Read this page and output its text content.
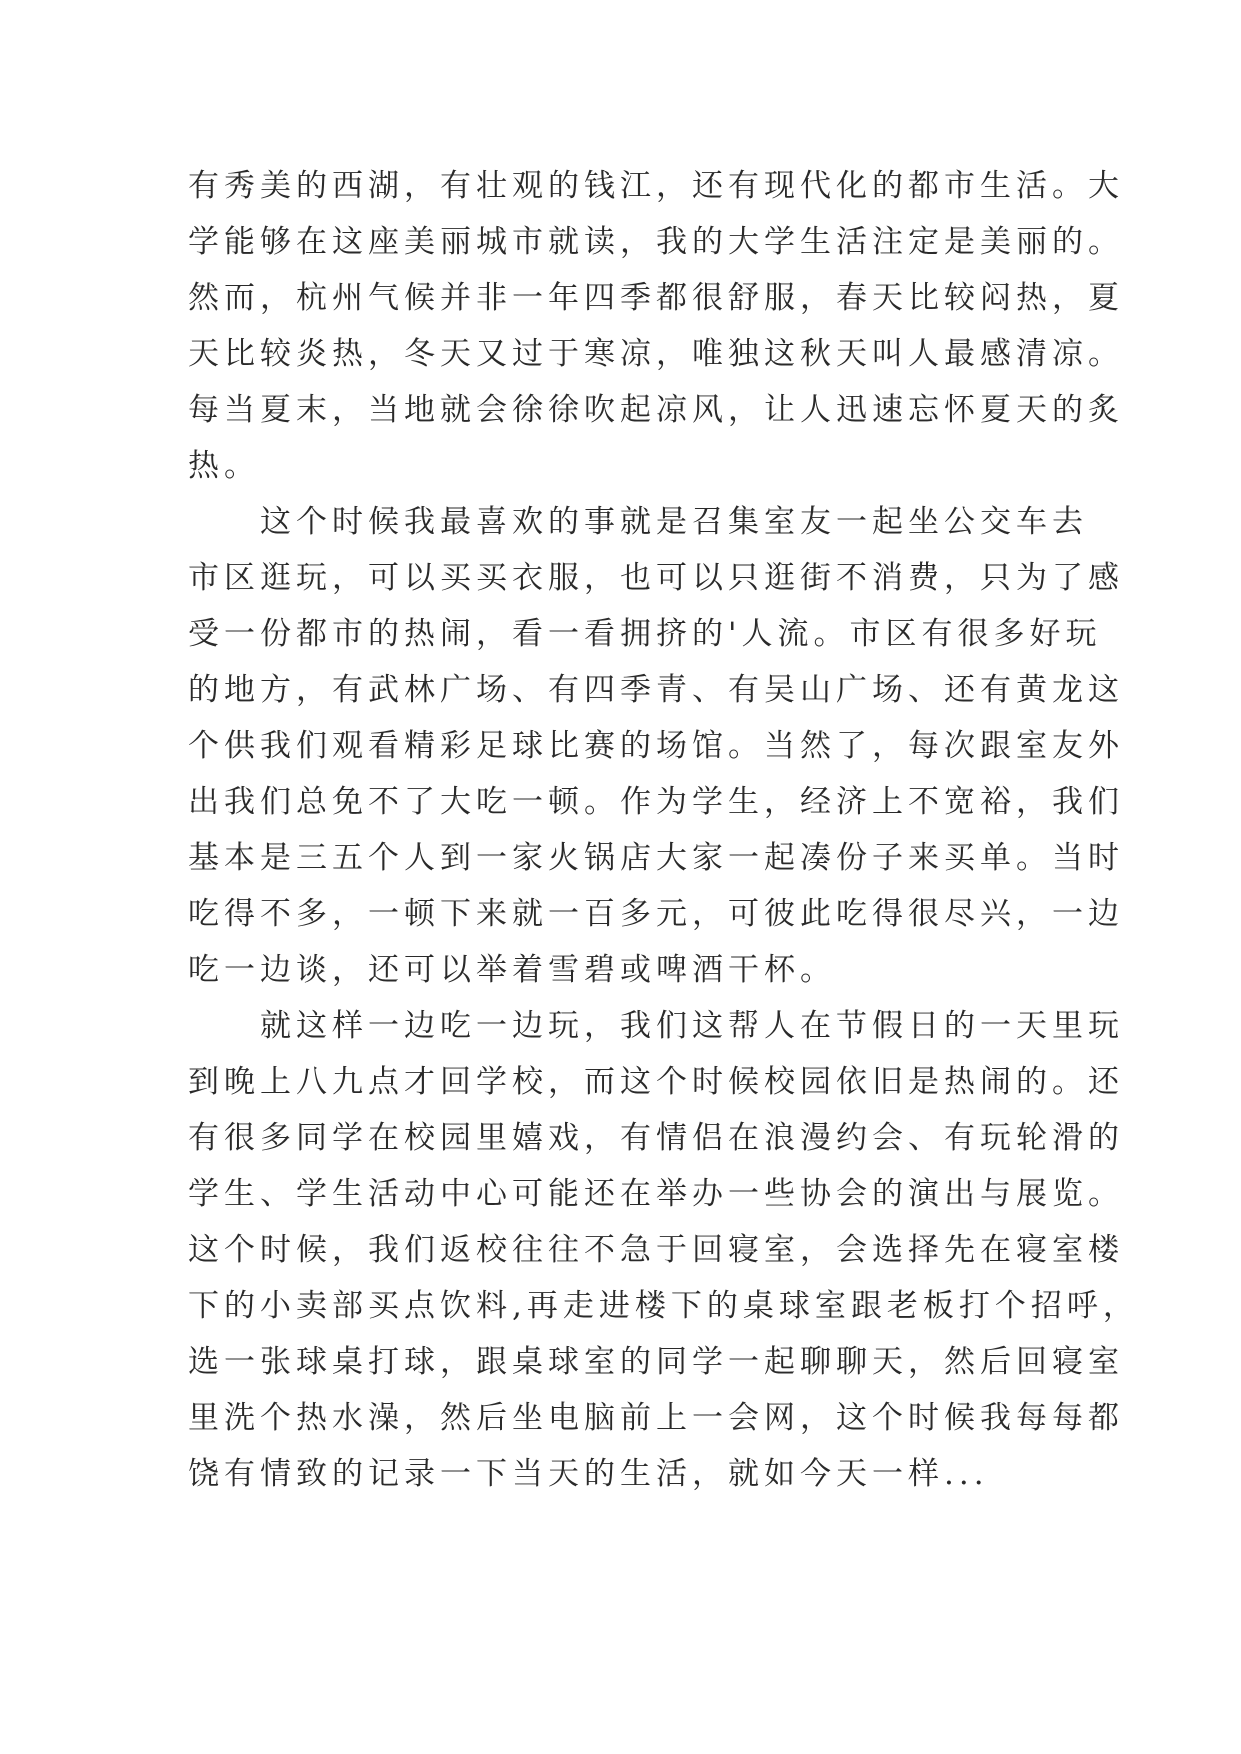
有秀美的西湖，有壮观的钱江，还有现代化的都市生活。大
学能够在这座美丽城市就读，我的大学生活注定是美丽的。
然而，杭州气候并非一年四季都很舒服，春天比较闷热，夏
天比较炎热，冬天又过于寒凉，唯独这秋天叫人最感清凉。
每当夏末，当地就会徐徐吹起凉风，让人迅速忘怀夏天的炙
热。
这个时候我最喜欢的事就是召集室友一起坐公交车去
市区逛玩，可以买买衣服，也可以只逛街不消费，只为了感
受一份都市的热闹，看一看拥挤的'人流。市区有很多好玩
的地方，有武林广场、有四季青、有吴山广场、还有黄龙这
个供我们观看精彩足球比赛的场馆。当然了，每次跟室友外
出我们总免不了大吃一顿。作为学生，经济上不宽裕，我们
基本是三五个人到一家火锅店大家一起凑份子来买单。当时
吃得不多，一顿下来就一百多元，可彼此吃得很尽兴，一边
吃一边谈，还可以举着雪碧或啤酒干杯。
就这样一边吃一边玩，我们这帮人在节假日的一天里玩
到晚上八九点才回学校，而这个时候校园依旧是热闹的。还
有很多同学在校园里嬉戏，有情侣在浪漫约会、有玩轮滑的
学生、学生活动中心可能还在举办一些协会的演出与展览。
这个时候，我们返校往往不急于回寝室，会选择先在寝室楼
下的小卖部买点饮料,再走进楼下的桌球室跟老板打个招呼，
选一张球桌打球，跟桌球室的同学一起聊聊天，然后回寝室
里洗个热水澡，然后坐电脑前上一会网，这个时候我每每都
饶有情致的记录一下当天的生活，就如今天一样...
